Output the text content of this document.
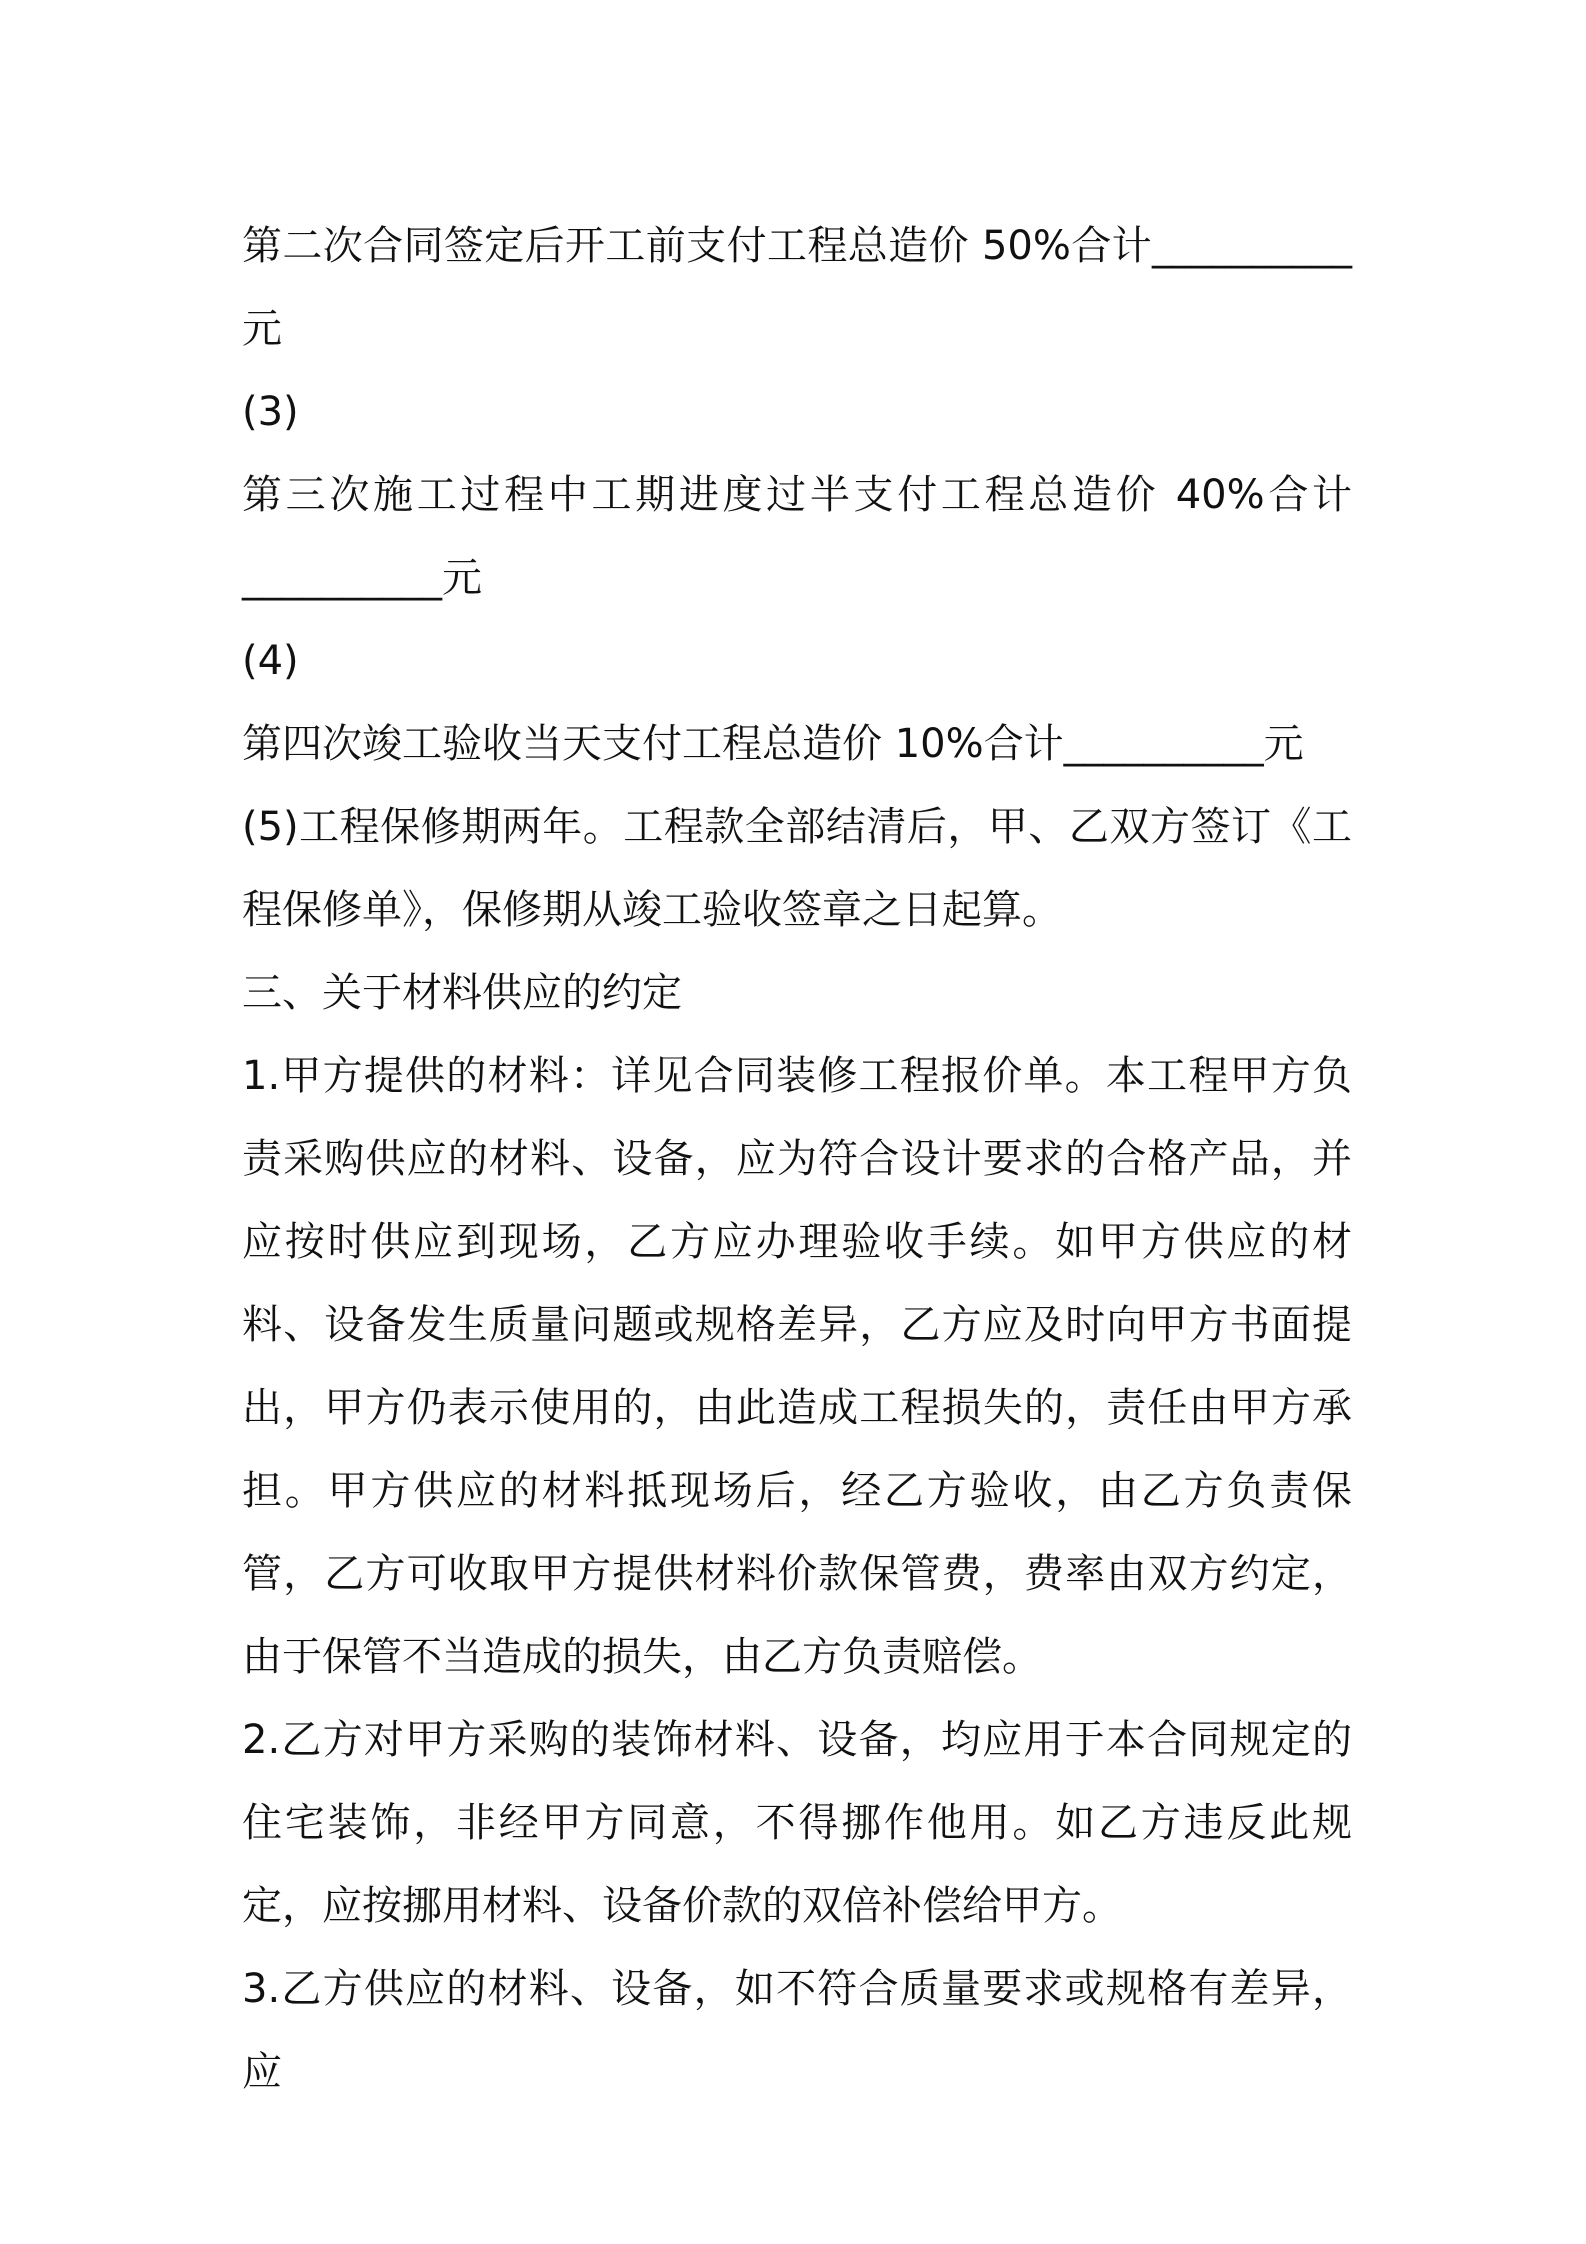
第二次合同签定后开工前支付工程总造价 50%合计__________元

(3)

第三次施工过程中工期进度过半支付工程总造价 40%合计__________元

(4)

第四次竣工验收当天支付工程总造价 10%合计__________元

(5)工程保修期两年。工程款全部结清后，甲、乙双方签订《工程保修单》，保修期从竣工验收签章之日起算。

三、关于材料供应的约定

1.甲方提供的材料：详见合同装修工程报价单。本工程甲方负责采购供应的材料、设备，应为符合设计要求的合格产品，并应按时供应到现场，乙方应办理验收手续。如甲方供应的材料、设备发生质量问题或规格差异，乙方应及时向甲方书面提出，甲方仍表示使用的，由此造成工程损失的，责任由甲方承担。甲方供应的材料抵现场后，经乙方验收，由乙方负责保管，乙方可收取甲方提供材料价款保管费，费率由双方约定，由于保管不当造成的损失，由乙方负责赔偿。

2.乙方对甲方采购的装饰材料、设备，均应用于本合同规定的住宅装饰，非经甲方同意，不得挪作他用。如乙方违反此规定，应按挪用材料、设备价款的双倍补偿给甲方。

3.乙方供应的材料、设备，如不符合质量要求或规格有差异，应
